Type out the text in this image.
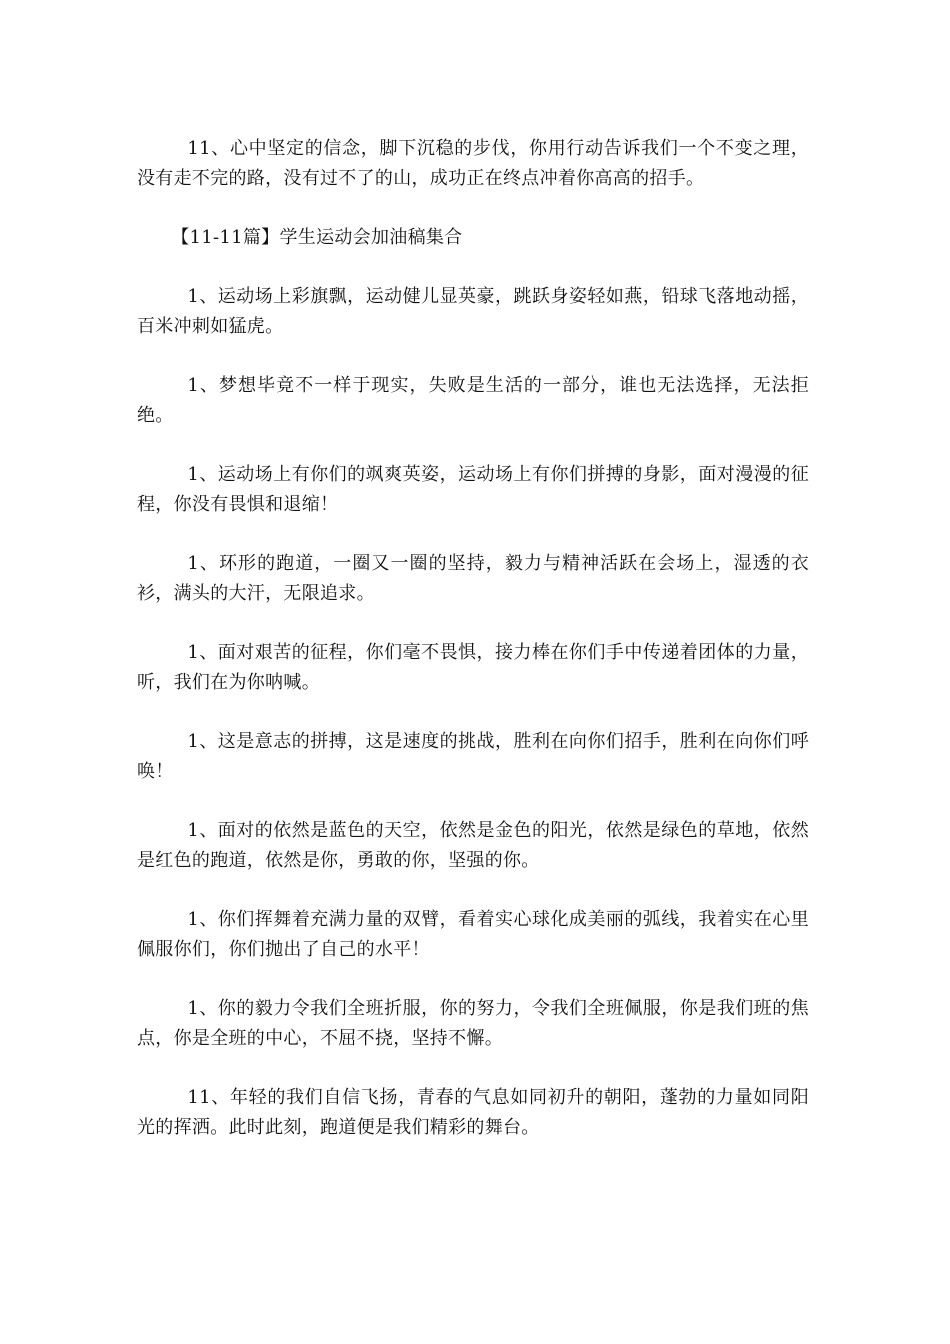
11、心中坚定的信念，脚下沉稳的步伐，你用行动告诉我们一个不变之理，没有走不完的路，没有过不了的山，成功正在终点冲着你高高的招手。

【11-11篇】学生运动会加油稿集合

1、运动场上彩旗飘，运动健儿显英豪，跳跃身姿轻如燕，铅球飞落地动摇，百米冲刺如猛虎。

1、梦想毕竟不一样于现实，失败是生活的一部分，谁也无法选择，无法拒绝。

1、运动场上有你们的飒爽英姿，运动场上有你们拼搏的身影，面对漫漫的征程，你没有畏惧和退缩！

1、环形的跑道，一圈又一圈的坚持，毅力与精神活跃在会场上，湿透的衣衫，满头的大汗，无限追求。

1、面对艰苦的征程，你们毫不畏惧，接力棒在你们手中传递着团体的力量，听，我们在为你呐喊。

1、这是意志的拼搏，这是速度的挑战，胜利在向你们招手，胜利在向你们呼唤！

1、面对的依然是蓝色的天空，依然是金色的阳光，依然是绿色的草地，依然是红色的跑道，依然是你，勇敢的你，坚强的你。

1、你们挥舞着充满力量的双臂，看着实心球化成美丽的弧线，我着实在心里佩服你们，你们抛出了自己的水平！

1、你的毅力令我们全班折服，你的努力，令我们全班佩服，你是我们班的焦点，你是全班的中心，不屈不挠，坚持不懈。

11、年轻的我们自信飞扬，青春的气息如同初升的朝阳，蓬勃的力量如同阳光的挥洒。此时此刻，跑道便是我们精彩的舞台。
